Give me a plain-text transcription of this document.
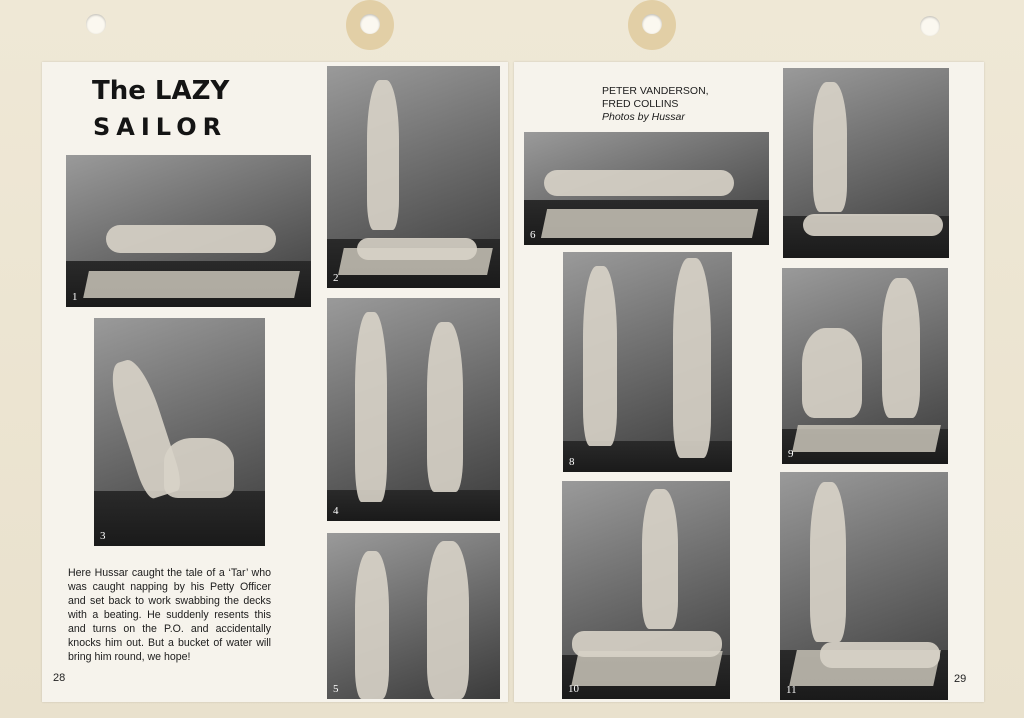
The LAZY
SAILOR
1
2
3
4
5
Here Hussar caught the tale of a ‘Tar’ who was caught napping by his Petty Officer and set back to work swabbing the decks with a beating. He suddenly resents this and turns on the P.O. and accidentally knocks him out. But a bucket of water will bring him round, we hope!
28
PETER VANDERSON,
FRED COLLINS
Photos by Hussar
6
8
9
10	11
29
